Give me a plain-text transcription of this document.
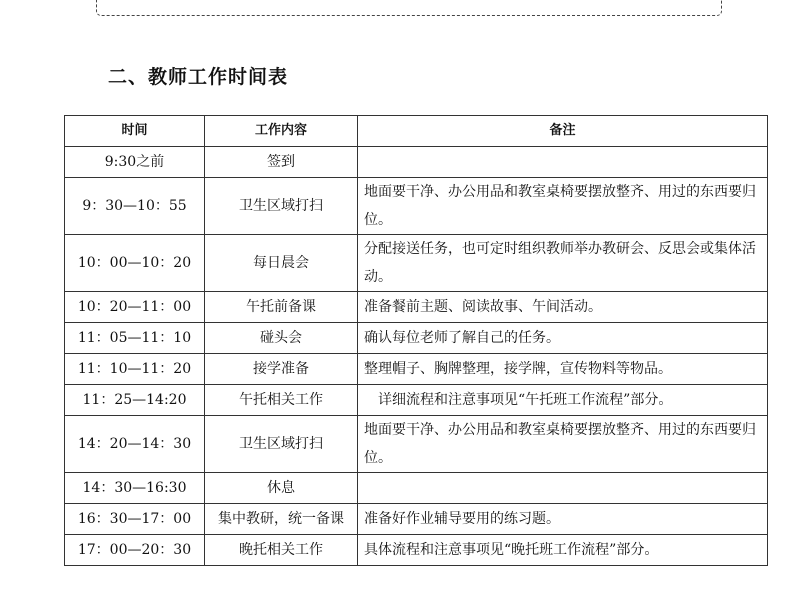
二、教师工作时间表
时间	工作内容	备注
9:30之前	签到	
9：30—10：55	卫生区域打扫	地面要干净、办公用品和教室桌椅要摆放整齐、用过的东西要归位。
10：00—10：20	每日晨会	分配接送任务，也可定时组织教师举办教研会、反思会或集体活动。
10：20—11：00	午托前备课	准备餐前主题、阅读故事、午间活动。
11：05—11：10	碰头会	确认每位老师了解自己的任务。
11：10—11：20	接学准备	整理帽子、胸牌整理，接学牌，宣传物料等物品。
11：25—14:20	午托相关工作	　详细流程和注意事项见“午托班工作流程”部分。
14：20—14：30	卫生区域打扫	地面要干净、办公用品和教室桌椅要摆放整齐、用过的东西要归位。
14：30—16:30	休息	
16：30—17：00	集中教研，统一备课	准备好作业辅导要用的练习题。
17：00—20：30	晚托相关工作	具体流程和注意事项见“晚托班工作流程”部分。
